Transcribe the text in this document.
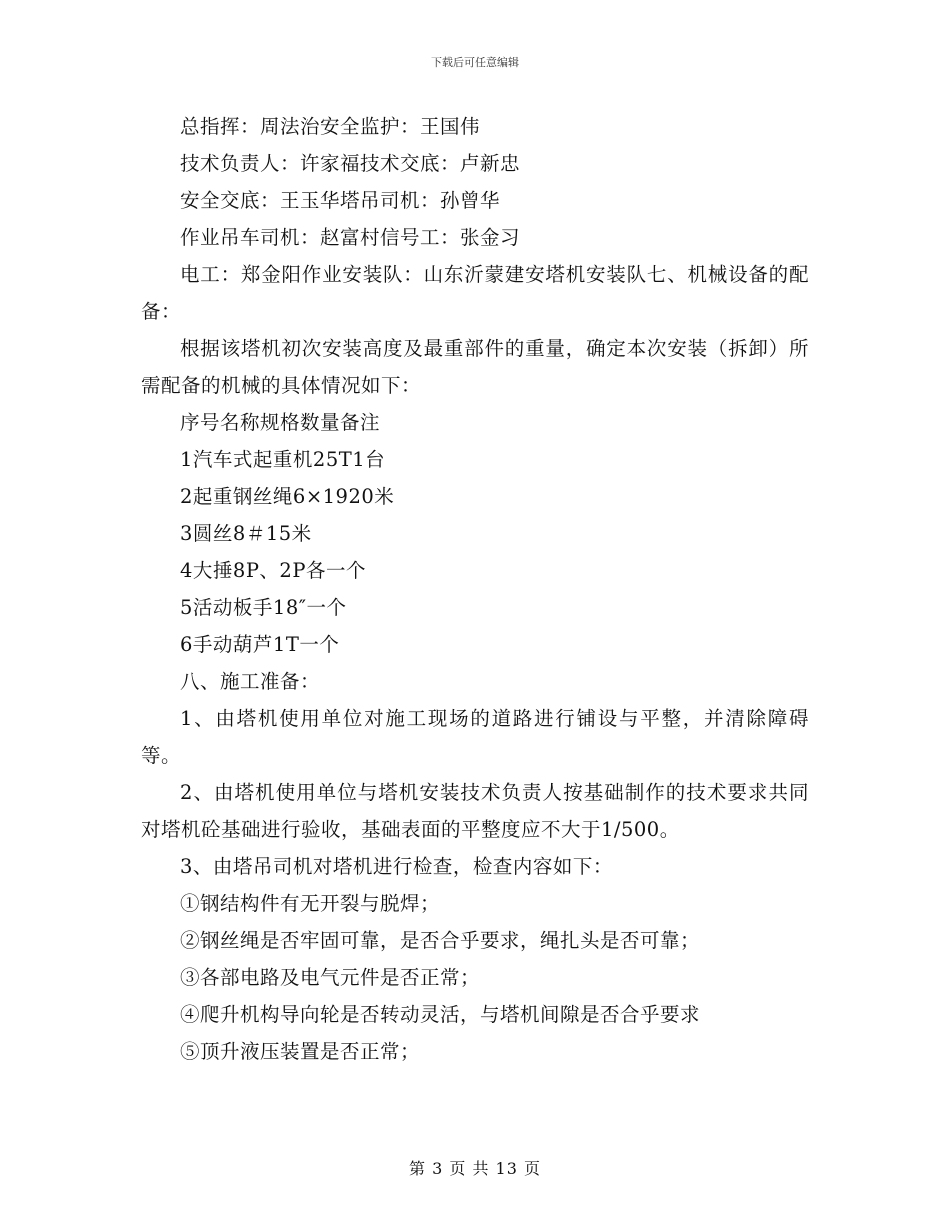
下载后可任意编辑

总指挥：周法治安全监护：王国伟

技术负责人：许家福技术交底：卢新忠

安全交底：王玉华塔吊司机：孙曾华

作业吊车司机：赵富村信号工：张金习

电工：郑金阳作业安装队：山东沂蒙建安塔机安装队七、机械设备的配备：

根据该塔机初次安装高度及最重部件的重量，确定本次安装（拆卸）所需配备的机械的具体情况如下：

序号名称规格数量备注

1汽车式起重机25T1台

2起重钢丝绳6×1920米

3圆丝8＃15米

4大捶8P、2P各一个

5活动板手18″一个

6手动葫芦1T一个

八、施工准备：

1、由塔机使用单位对施工现场的道路进行铺设与平整，并清除障碍等。

2、由塔机使用单位与塔机安装技术负责人按基础制作的技术要求共同对塔机砼基础进行验收，基础表面的平整度应不大于1/500。

3、由塔吊司机对塔机进行检查，检查内容如下：

①钢结构件有无开裂与脱焊；

②钢丝绳是否牢固可靠，是否合乎要求，绳扎头是否可靠；

③各部电路及电气元件是否正常；

④爬升机构导向轮是否转动灵活，与塔机间隙是否合乎要求

⑤顶升液压装置是否正常；

第 3 页 共 13 页
